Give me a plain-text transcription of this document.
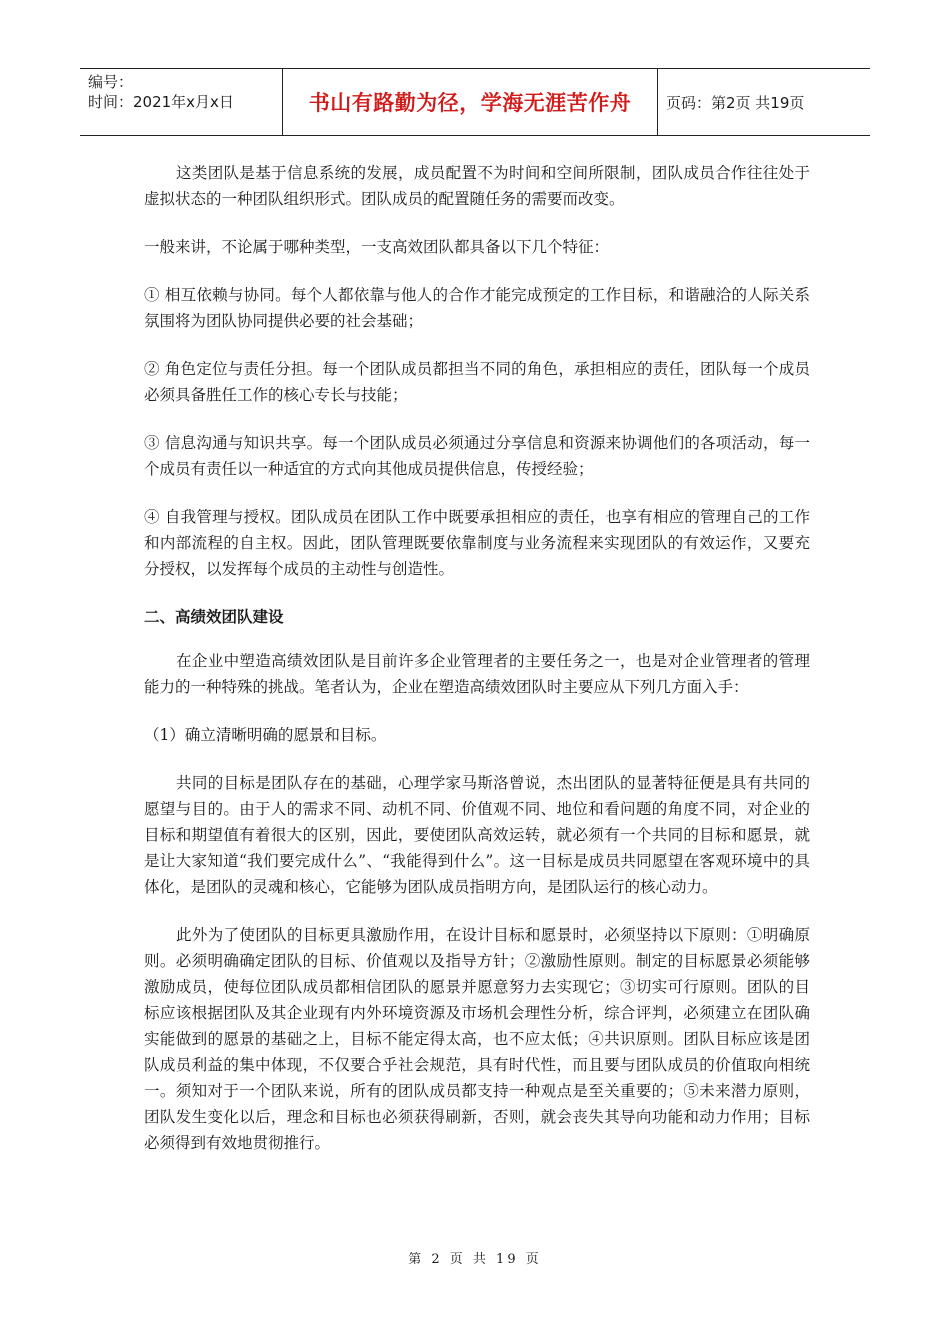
编号：
时间：2021年x月x日	书山有路勤为径，学海无涯苦作舟	页码：第2页 共19页

这类团队是基于信息系统的发展，成员配置不为时间和空间所限制，团队成员合作往往处于虚拟状态的一种团队组织形式。团队成员的配置随任务的需要而改变。

一般来讲，不论属于哪种类型，一支高效团队都具备以下几个特征：

① 相互依赖与协同。每个人都依靠与他人的合作才能完成预定的工作目标，和谐融洽的人际关系氛围将为团队协同提供必要的社会基础；

② 角色定位与责任分担。每一个团队成员都担当不同的角色，承担相应的责任，团队每一个成员必须具备胜任工作的核心专长与技能；

③ 信息沟通与知识共享。每一个团队成员必须通过分享信息和资源来协调他们的各项活动，每一个成员有责任以一种适宜的方式向其他成员提供信息，传授经验；

④ 自我管理与授权。团队成员在团队工作中既要承担相应的责任，也享有相应的管理自己的工作和内部流程的自主权。因此，团队管理既要依靠制度与业务流程来实现团队的有效运作，又要充分授权，以发挥每个成员的主动性与创造性。

二、高绩效团队建设

在企业中塑造高绩效团队是目前许多企业管理者的主要任务之一，也是对企业管理者的管理能力的一种特殊的挑战。笔者认为，企业在塑造高绩效团队时主要应从下列几方面入手：

（1）确立清晰明确的愿景和目标。

共同的目标是团队存在的基础，心理学家马斯洛曾说，杰出团队的显著特征便是具有共同的愿望与目的。由于人的需求不同、动机不同、价值观不同、地位和看问题的角度不同，对企业的目标和期望值有着很大的区别，因此，要使团队高效运转，就必须有一个共同的目标和愿景，就是让大家知道“我们要完成什么”、“我能得到什么”。这一目标是成员共同愿望在客观环境中的具体化，是团队的灵魂和核心，它能够为团队成员指明方向，是团队运行的核心动力。

此外为了使团队的目标更具激励作用，在设计目标和愿景时，必须坚持以下原则：①明确原则。必须明确确定团队的目标、价值观以及指导方针；②激励性原则。制定的目标愿景必须能够激励成员，使每位团队成员都相信团队的愿景并愿意努力去实现它；③切实可行原则。团队的目标应该根据团队及其企业现有内外环境资源及市场机会理性分析，综合评判，必须建立在团队确实能做到的愿景的基础之上，目标不能定得太高，也不应太低；④共识原则。团队目标应该是团队成员利益的集中体现，不仅要合乎社会规范，具有时代性，而且要与团队成员的价值取向相统一。须知对于一个团队来说，所有的团队成员都支持一种观点是至关重要的；⑤未来潜力原则，团队发生变化以后，理念和目标也必须获得刷新，否则，就会丧失其导向功能和动力作用；目标必须得到有效地贯彻推行。

第 2 页 共 19 页
